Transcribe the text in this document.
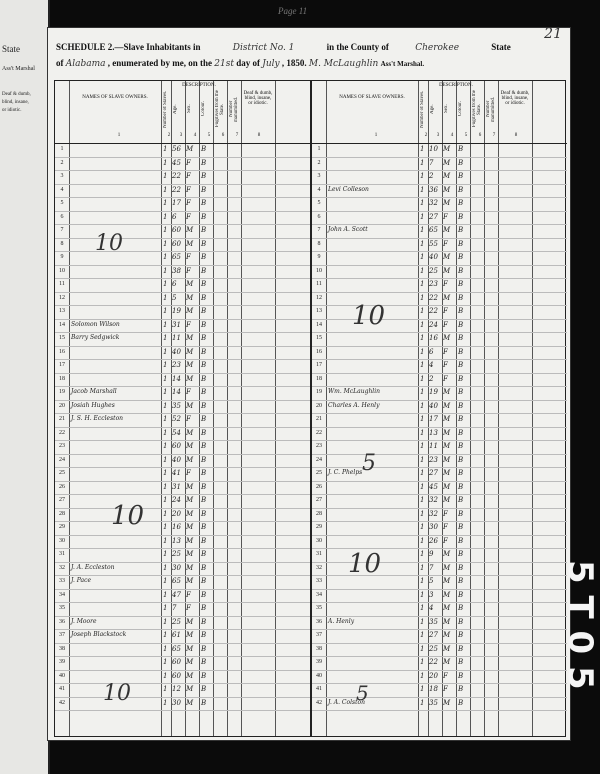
State
Ass't Marshal
Deaf & dumb,
blind, insane,
or idiotic.
Page 11
21
SCHEDULE 2.—Slave Inhabitants in	District No. 1	in the County of	Cherokee	State
of Alabama , enumerated by me, on the 21st day of July , 1850. M. McLaughlin Ass't Marshal.
NAMES OF SLAVE OWNERS.	Number of Slaves. Age. Sex. Colour. Fugitives from the State. Number manumitted.
Deaf & dumb, blind, insane, or idiotic.
DESCRIPTION.
1	2	3	4	5	6	7	8
1	1 56 M B
2	1 45 F B
3	1 22 F B
4	1 22 F B
5	1 17 F B
6	1 6 F B
7	1 60 M B
8	1 60 M B
9	1 65 F B
10	1 38 F B
11	1 6 M B
12	1 5 M B
13	1 19 M B
14	Solomon Wilson	1 31 F B
15	Barry Sedgwick	1 11 M B
16	1 40 M B
17	1 23 M B
18	1 14 M B
19	Jacob Marshall	1 14 F B
20	Josiah Hughes	1 35 M B
21	J. S. H. Eccleston	1 52 F B
22	1 54 M B
23	1 60 M B
24	1 40 M B
25	1 41 F B
26	1 31 M B
27	1 24 M B
28	1 20 M B
29	1 16 M B
30	1 13 M B
31	1 25 M B
32	J. A. Eccleston	1 30 M B
33	J. Pace	1 65 M B
34	1 47 F B
35	1 7 F B
36	J. Moore	1 25 M B
37	Joseph Blackstock	1 61 M B
38	1 65 M B
39	1 60 M B
40	1 60 M B
41	1 12 M B
42	1 30 M B
10
10
10
NAMES OF SLAVE OWNERS.	Number of Slaves. Age. Sex. Colour. Fugitives from the State. Number manumitted.
Deaf & dumb, blind, insane, or idiotic.
DESCRIPTION.
1	2	3	4	5	6	7	8
1	1 10 M B
2	1 7 M B
3	1 2 M B
4	Levi Colleson	1 36 M B
5	1 32 M B
6	1 27 F B
7	John A. Scott	1 65 M B
8	1 55 F B
9	1 40 M B
10	1 25 M B
11	1 23 F B
12	1 22 M B
13	1 22 F B
14	1 24 F B
15	1 16 M B
16	1 6 F B
17	1 4 F B
18	1 2 F B
19	Wm. McLaughlin	1 19 M B
20	Charles A. Henly	1 40 M B
21	1 17 M B
22	1 13 M B
23	1 11 M B
24	1 23 M B
25	J. C. Phelps	1 27 M B
26	1 45 M B
27	1 32 M B
28	1 32 F B
29	1 30 F B
30	1 26 F B
31	1 9 M B
32	1 7 M B
33	1 5 M B
34	1 3 M B
35	1 4 M B
36	A. Henly	1 35 M B
37	1 27 M B
38	1 25 M B
39	1 22 M B
40	1 20 F B
41	1 18 F B
42	J. A. Colston	1 35 M B
10
5
10
5
5 T 0 5
